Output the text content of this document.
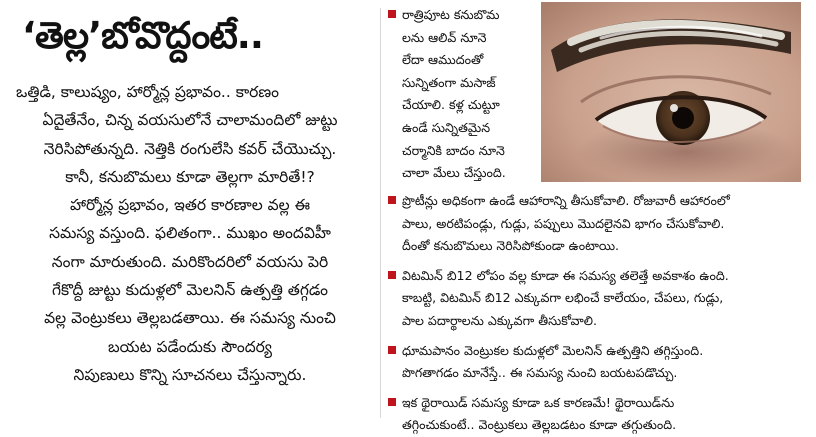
‘తెల్ల’బోవొద్దంటే..
ఒత్తిడి, కాలుష్యం, హార్మోన్ల ప్రభావం.. కారణం
ఏదైతేనేం, చిన్న వయసులోనే చాలామందిలో జుట్టు
నెరిసిపోతున్నది. నెత్తికి రంగులేసి కవర్‌ చేయొచ్చు.
కానీ, కనుబొమలు కూడా తెల్లగా మారితే!?
హార్మోన్ల ప్రభావం, ఇతర కారణాల వల్ల ఈ
సమస్య వస్తుంది. ఫలితంగా.. ముఖం అందవిహీ
నంగా మారుతుంది. మరికొందరిలో వయసు పెరి
గేకొద్దీ జుట్టు కుదుళ్లలో మెలనిన్‌ ఉత్పత్తి తగ్గడం
వల్ల వెంట్రుకలు తెల్లబడతాయి. ఈ సమస్య నుంచి
బయట పడేందుకు సౌందర్య
నిపుణులు కొన్ని సూచనలు చేస్తున్నారు.
రాత్రిపూట కనుబొమ
లను ఆలివ్‌ నూనె
లేదా ఆముదంతో
సున్నితంగా మసాజ్‌
చేయాలి. కళ్ల చుట్టూ
ఉండే సున్నితమైన
చర్మానికి బాదం నూనె
చాలా మేలు చేస్తుంది.
ప్రొటీన్లు అధికంగా ఉండే ఆహారాన్ని తీసుకోవాలి. రోజువారీ ఆహారంలో
పాలు, అరటిపండ్లు, గుడ్లు, పప్పులు మొదలైనవి భాగం చేసుకోవాలి.
దీంతో కనుబొమలు నెరిసిపోకుండా ఉంటాయి.
విటమిన్‌ బి12 లోపం వల్ల కూడా ఈ సమస్య తలెత్తే అవకాశం ఉంది.
కాబట్టి, విటమిన్‌ బి12 ఎక్కువగా లభించే కాలేయం, చేపలు, గుడ్లు,
పాల పదార్థాలను ఎక్కువగా తీసుకోవాలి.
ధూమపానం వెంట్రుకల కుదుళ్లలో మెలనిన్‌ ఉత్పత్తిని తగ్గిస్తుంది.
పొగతాగడం మానేస్తే.. ఈ సమస్య నుంచి బయటపడొచ్చు.
ఇక థైరాయిడ్‌ సమస్య కూడా ఒక కారణమే! థైరాయిడ్‌ను
తగ్గించుకుంటే.. వెంట్రుకలు తెల్లబడటం కూడా తగ్గుతుంది.
